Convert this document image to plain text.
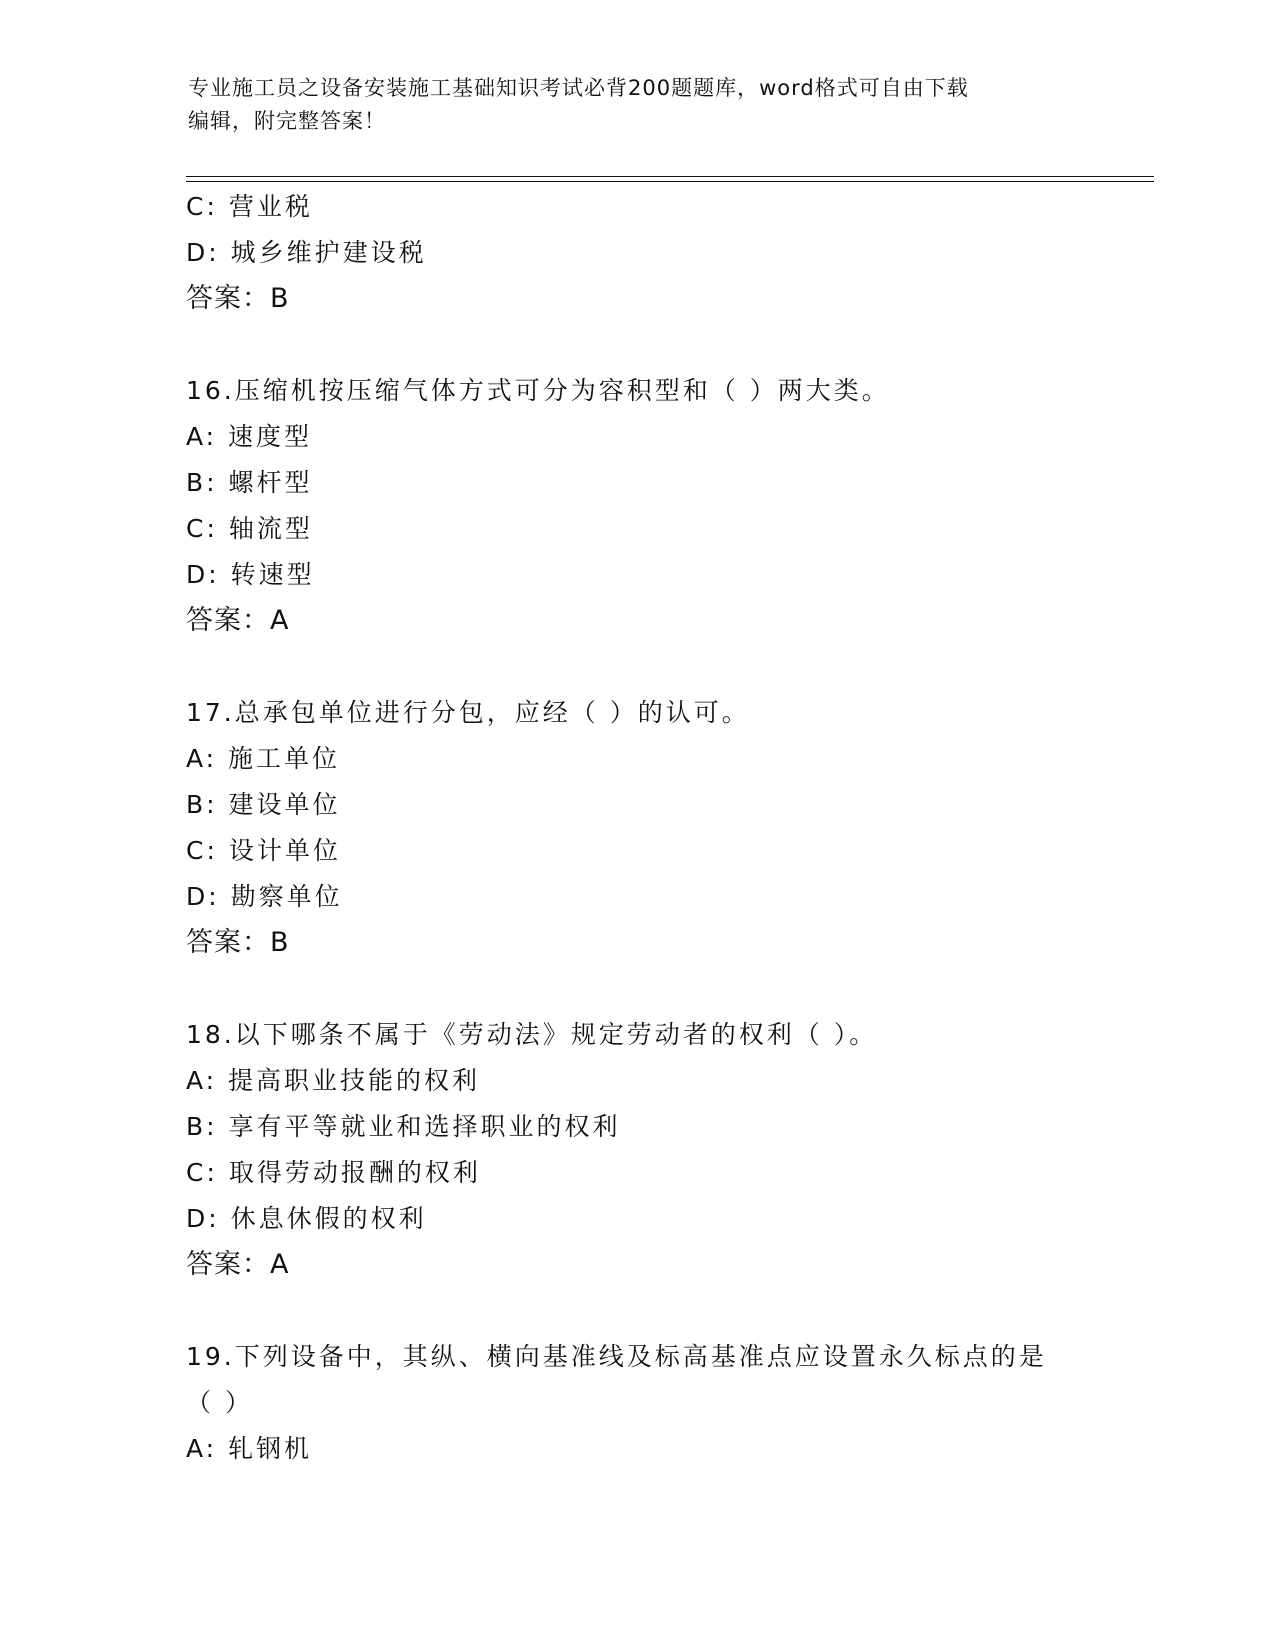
专业施工员之设备安装施工基础知识考试必背200题题库，word格式可自由下载
编辑，附完整答案！
C: 营业税
D: 城乡维护建设税
答案：B
16.压缩机按压缩气体方式可分为容积型和（ ）两大类。
A: 速度型
B: 螺杆型
C: 轴流型
D: 转速型
答案：A
17.总承包单位进行分包，应经（ ）的认可。
A: 施工单位
B: 建设单位
C: 设计单位
D: 勘察单位
答案：B
18.以下哪条不属于《劳动法》规定劳动者的权利（ ）。
A: 提高职业技能的权利
B: 享有平等就业和选择职业的权利
C: 取得劳动报酬的权利
D: 休息休假的权利
答案：A
19.下列设备中，其纵、横向基准线及标高基准点应设置永久标点的是
（ ）
A: 轧钢机
